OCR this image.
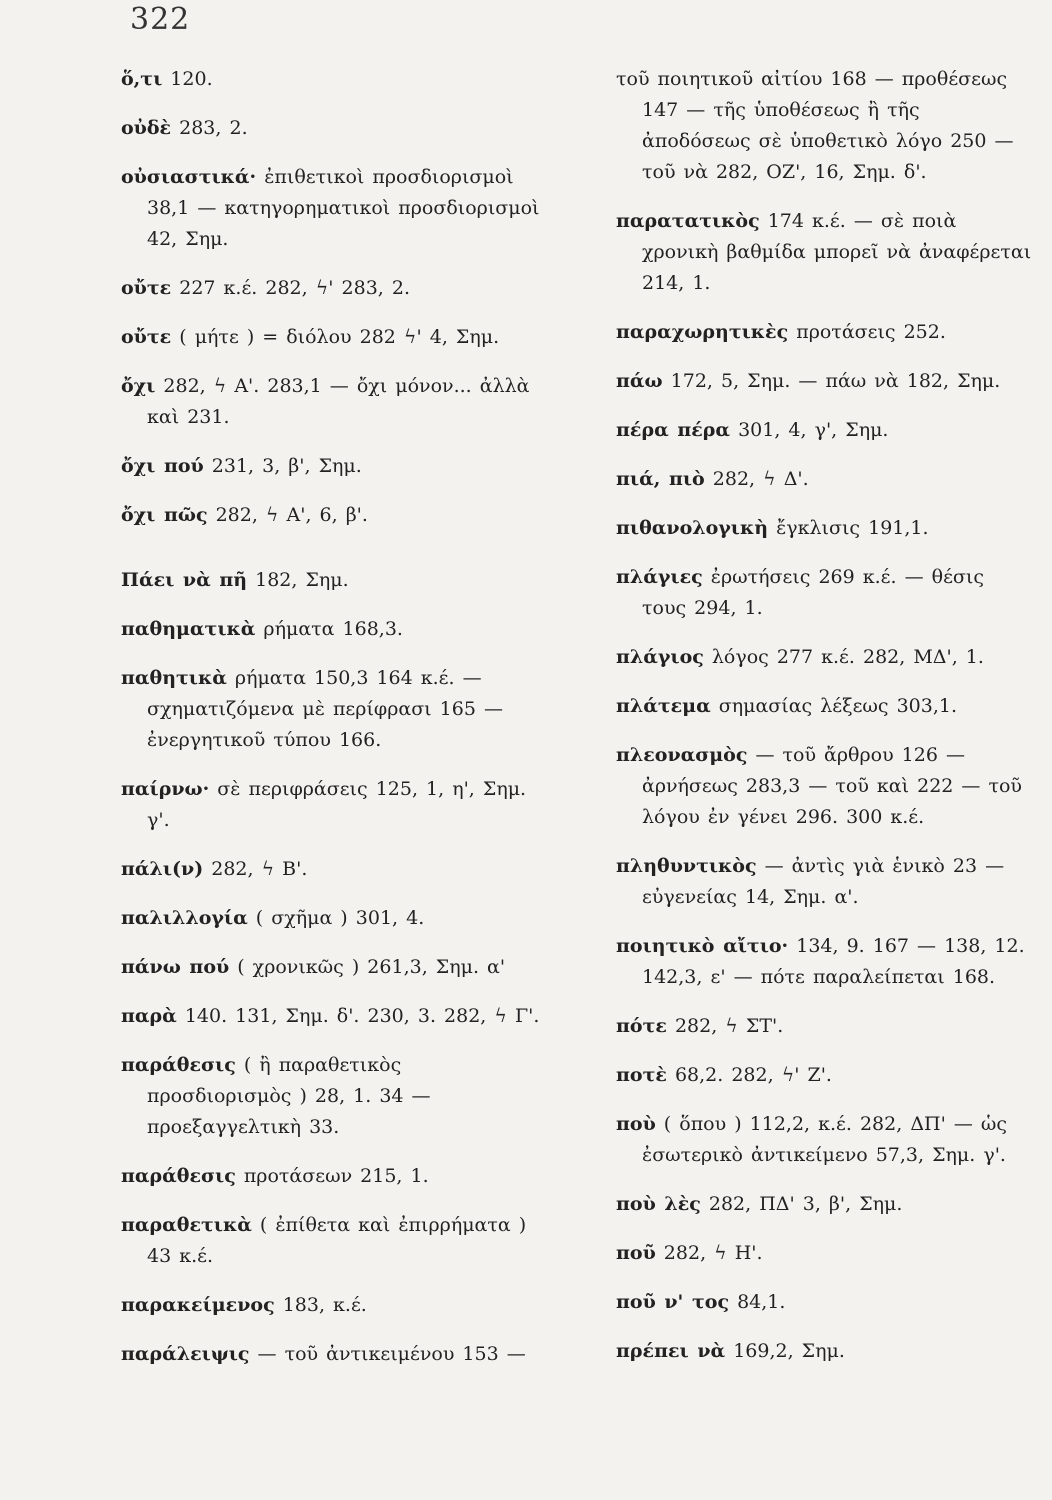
322
ὅ,τι 120.
οὐδὲ 283, 2.
οὐσιαστικά· ἐπιθετικοὶ προσδιορισμοὶ 38,1 — κατηγορηματικοὶ προσδιορισμοὶ 42, Σημ.
οὔτε 227 κ.έ. 282, ϟ' 283, 2.
οὔτε ( μήτε ) = διόλου 282 ϟ' 4, Σημ.
ὄχι 282, ϟ Α'. 283,1 — ὄχι μόνον... ἀλλὰ καὶ 231.
ὄχι πού 231, 3, β', Σημ.
ὄχι πῶς 282, ϟ Α', 6, β'.
Πάει νὰ πῆ 182, Σημ.
παθηματικὰ ρήματα 168,3.
παθητικὰ ρήματα 150,3 164 κ.έ. — σχηματιζόμενα μὲ περίφρασι 165 — ἐνεργητικοῦ τύπου 166.
παίρνω· σὲ περιφράσεις 125, 1, η', Σημ. γ'.
πάλι(ν) 282, ϟ Β'.
παλιλλογία ( σχῆμα ) 301, 4.
πάνω πού ( χρονικῶς ) 261,3, Σημ. α'
παρὰ 140. 131, Σημ. δ'. 230, 3. 282, ϟ Γ'.
παράθεσις ( ἢ παραθετικὸς προσδιορισμὸς ) 28, 1. 34 — προεξαγγελτικὴ 33.
παράθεσις προτάσεων 215, 1.
παραθετικὰ ( ἐπίθετα καὶ ἐπιρρήματα ) 43 κ.έ.
παρακείμενος 183, κ.έ.
παράλειψις — τοῦ ἀντικειμένου 153 —
τοῦ ποιητικοῦ αἰτίου 168 — προθέσεως 147 — τῆς ὑποθέσεως ἢ τῆς ἀποδόσεως σὲ ὑποθετικὸ λόγο 250 — τοῦ νὰ 282, ΟΖ', 16, Σημ. δ'.
παρατατικὸς 174 κ.έ. — σὲ ποιὰ χρονικὴ βαθμίδα μπορεῖ νὰ ἀναφέρεται 214, 1.
παραχωρητικὲς προτάσεις 252.
πάω 172, 5, Σημ. — πάω νὰ 182, Σημ.
πέρα πέρα 301, 4, γ', Σημ.
πιά, πιὸ 282, ϟ Δ'.
πιθανολογικὴ ἔγκλισις 191,1.
πλάγιες ἐρωτήσεις 269 κ.έ. — θέσις τους 294, 1.
πλάγιος λόγος 277 κ.έ. 282, ΜΔ', 1.
πλάτεμα σημασίας λέξεως 303,1.
πλεονασμὸς — τοῦ ἄρθρου 126 — ἀρνήσεως 283,3 — τοῦ καὶ 222 — τοῦ λόγου ἐν γένει 296. 300 κ.έ.
πληθυντικὸς — ἀντὶς γιὰ ἑνικὸ 23 — εὐγενείας 14, Σημ. α'.
ποιητικὸ αἴτιο· 134, 9. 167 — 138, 12. 142,3, ε' — πότε παραλείπεται 168.
πότε 282, ϟ ΣΤ'.
ποτὲ 68,2. 282, ϟ' Ζ'.
ποὺ ( ὅπου ) 112,2, κ.έ. 282, ΔΠ' — ὡς ἐσωτερικὸ ἀντικείμενο 57,3, Σημ. γ'.
ποὺ λὲς 282, ΠΔ' 3, β', Σημ.
ποῦ 282, ϟ Η'.
ποῦ ν' τος 84,1.
πρέπει νὰ 169,2, Σημ.
